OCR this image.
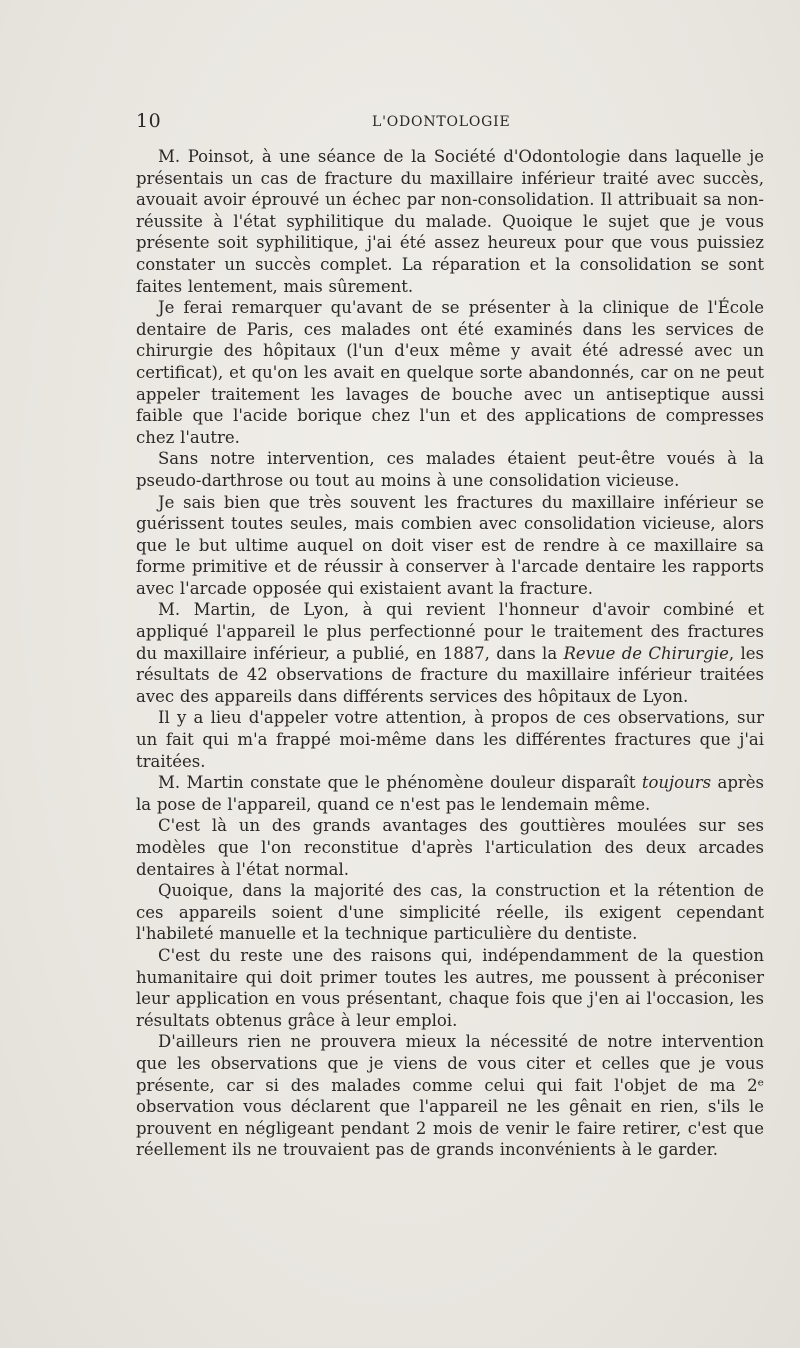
10	L'ODONTOLOGIE

M. Poinsot, à une séance de la Société d'Odontologie dans laquelle je présentais un cas de fracture du maxillaire inférieur traité avec succès, avouait avoir éprouvé un échec par non-consolidation. Il attribuait sa non-réussite à l'état syphilitique du malade. Quoique le sujet que je vous présente soit syphilitique, j'ai été assez heureux pour que vous puissiez constater un succès complet. La réparation et la consolidation se sont faites lentement, mais sûrement.

Je ferai remarquer qu'avant de se présenter à la clinique de l'École dentaire de Paris, ces malades ont été examinés dans les services de chirurgie des hôpitaux (l'un d'eux même y avait été adressé avec un certificat), et qu'on les avait en quelque sorte abandonnés, car on ne peut appeler traitement les lavages de bouche avec un antiseptique aussi faible que l'acide borique chez l'un et des applications de compresses chez l'autre.

Sans notre intervention, ces malades étaient peut-être voués à la pseudo-darthrose ou tout au moins à une consolidation vicieuse.

Je sais bien que très souvent les fractures du maxillaire inférieur se guérissent toutes seules, mais combien avec consolidation vicieuse, alors que le but ultime auquel on doit viser est de rendre à ce maxillaire sa forme primitive et de réussir à conserver à l'arcade dentaire les rapports avec l'arcade opposée qui existaient avant la fracture.

M. Martin, de Lyon, à qui revient l'honneur d'avoir combiné et appliqué l'appareil le plus perfectionné pour le traitement des fractures du maxillaire inférieur, a publié, en 1887, dans la Revue de Chirurgie, les résultats de 42 observations de fracture du maxillaire inférieur traitées avec des appareils dans différents services des hôpitaux de Lyon.

Il y a lieu d'appeler votre attention, à propos de ces observations, sur un fait qui m'a frappé moi-même dans les différentes fractures que j'ai traitées.

M. Martin constate que le phénomène douleur disparaît toujours après la pose de l'appareil, quand ce n'est pas le lendemain même.

C'est là un des grands avantages des gouttières moulées sur ses modèles que l'on reconstitue d'après l'articulation des deux arcades dentaires à l'état normal.

Quoique, dans la majorité des cas, la construction et la rétention de ces appareils soient d'une simplicité réelle, ils exigent cependant l'habileté manuelle et la technique particulière du dentiste.

C'est du reste une des raisons qui, indépendamment de la question humanitaire qui doit primer toutes les autres, me poussent à préconiser leur application en vous présentant, chaque fois que j'en ai l'occasion, les résultats obtenus grâce à leur emploi.

D'ailleurs rien ne prouvera mieux la nécessité de notre intervention que les observations que je viens de vous citer et celles que je vous présente, car si des malades comme celui qui fait l'objet de ma 2ᵉ observation vous déclarent que l'appareil ne les gênait en rien, s'ils le prouvent en négligeant pendant 2 mois de venir le faire retirer, c'est que réellement ils ne trouvaient pas de grands inconvénients à le garder.
